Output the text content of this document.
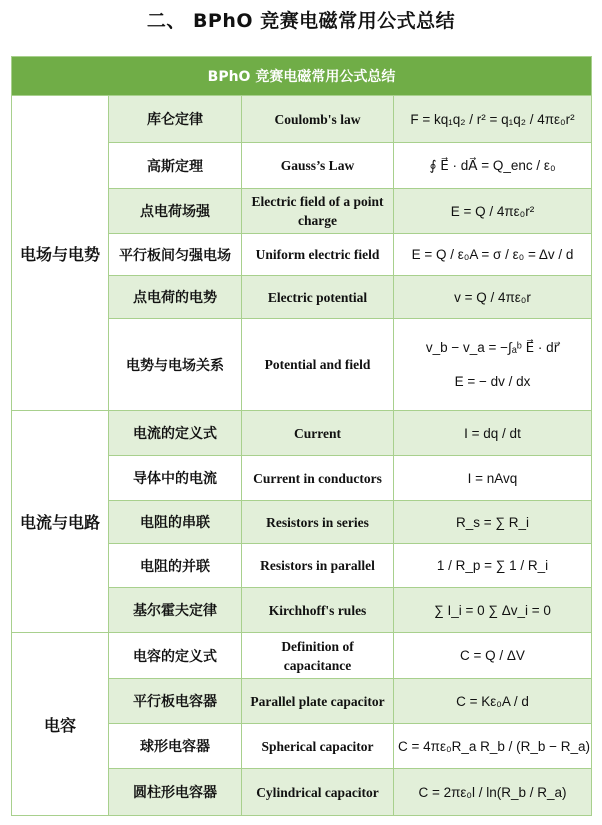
二、 BPhO 竞赛电磁常用公式总结
BPhO 竞赛电磁常用公式总结			
电场与电势	库仑定律	Coulomb's law	F = kq₁q₂ / r² = q₁q₂ / 4πε₀r²
	高斯定理	Gauss’s Law	∮ E⃗ · dA⃗ = Q_enc / ε₀
	点电荷场强	Electric field of a point charge	E = Q / 4πε₀r²
	平行板间匀强电场	Uniform electric field	E = Q / ε₀A = σ / ε₀ = Δv / d
	点电荷的电势	Electric potential	v = Q / 4πε₀r
	电势与电场关系	Potential and field	v_b − v_a = −∫ₐᵇ E⃗ · dr⃗
E = − dv / dx

电流与电路	电流的定义式	Current	I = dq / dt
	导体中的电流	Current in conductors	I = nAvq
	电阻的串联	Resistors in series	R_s = ∑ R_i
	电阻的并联	Resistors in parallel	1 / R_p = ∑ 1 / R_i
	基尔霍夫定律	Kirchhoff's rules	∑ I_i = 0 ∑ Δv_i = 0
电容	电容的定义式	Definition of capacitance	C = Q / ΔV
	平行板电容器	Parallel plate capacitor	C = Kε₀A / d
	球形电容器	Spherical capacitor	C = 4πε₀R_a R_b / (R_b − R_a)
	圆柱形电容器	Cylindrical capacitor	C = 2πε₀l / ln(R_b / R_a)
